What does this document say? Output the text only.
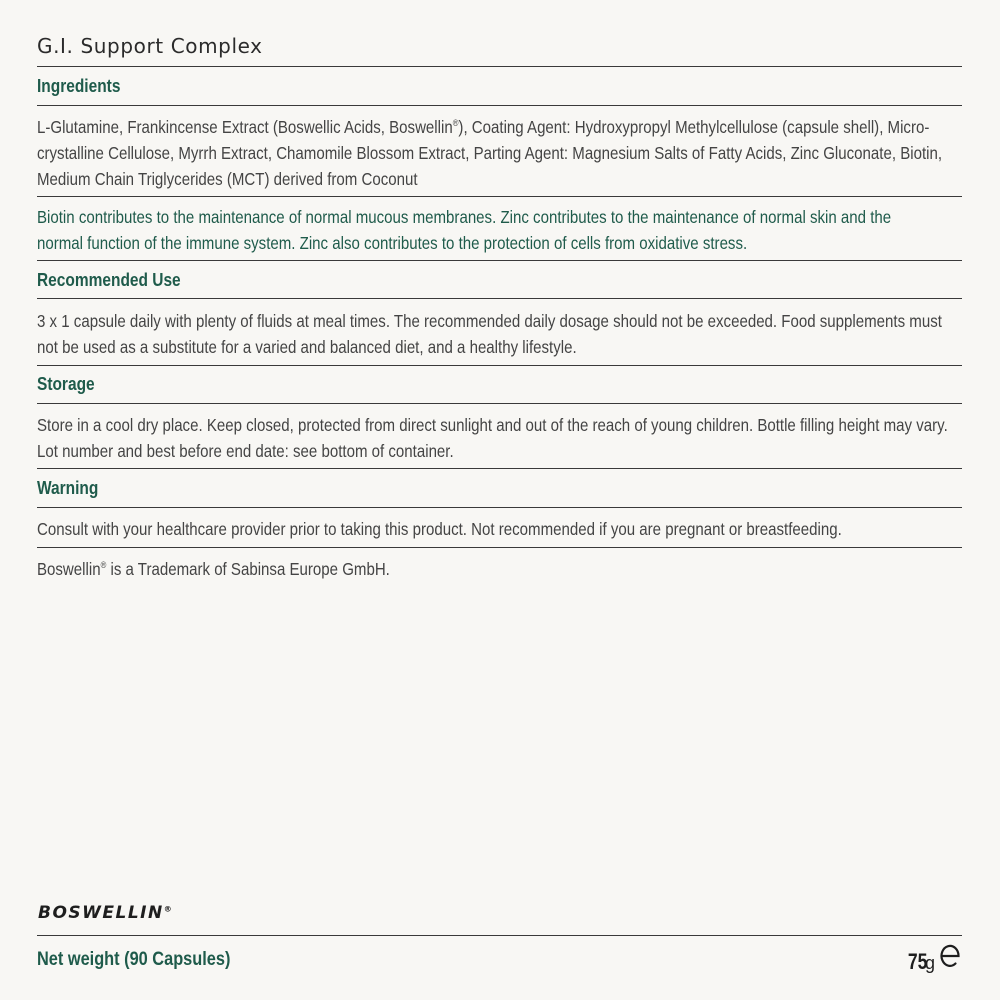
G.I. Support Complex
Ingredients
L-Glutamine, Frankincense Extract (Boswellic Acids, Boswellin®), Coating Agent: Hydroxypropyl Methylcellulose (capsule shell), Micro-
crystalline Cellulose, Myrrh Extract, Chamomile Blossom Extract, Parting Agent: Magnesium Salts of Fatty Acids, Zinc Gluconate, Biotin,
Medium Chain Triglycerides (MCT) derived from Coconut
Biotin contributes to the maintenance of normal mucous membranes. Zinc contributes to the maintenance of normal skin and the
normal function of the immune system. Zinc also contributes to the protection of cells from oxidative stress.
Recommended Use
3 x 1 capsule daily with plenty of fluids at meal times. The recommended daily dosage should not be exceeded. Food supplements must
not be used as a substitute for a varied and balanced diet, and a healthy lifestyle.
Storage
Store in a cool dry place. Keep closed, protected from direct sunlight and out of the reach of young children. Bottle filling height may vary.
Lot number and best before end date: see bottom of container.
Warning
Consult with your healthcare provider prior to taking this product. Not recommended if you are pregnant or breastfeeding.
Boswellin® is a Trademark of Sabinsa Europe GmbH.
BOSWELLIN®
Net weight (90 Capsules)	75
g
